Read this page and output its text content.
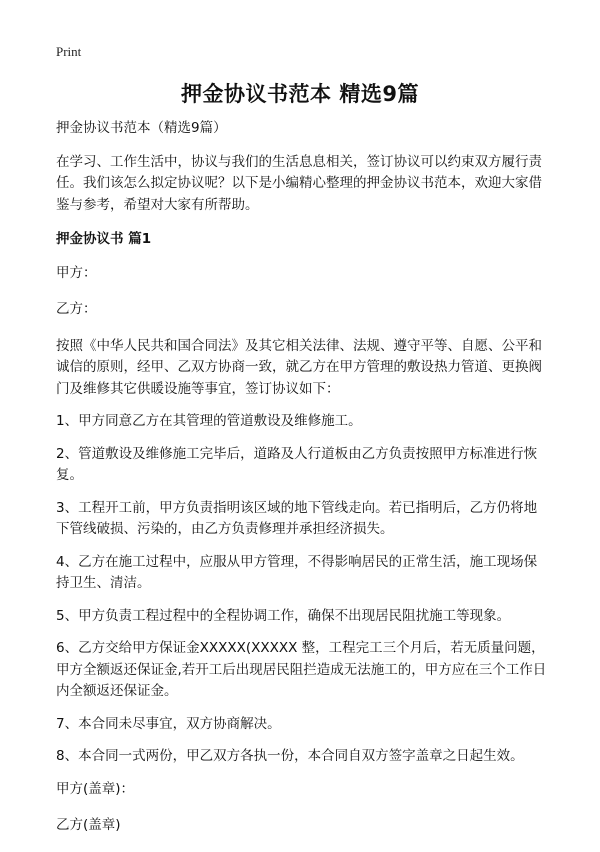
Print
押金协议书范本 精选9篇

押金协议书范本（精选9篇）

在学习、工作生活中，协议与我们的生活息息相关，签订协议可以约束双方履行责任。我们该怎么拟定协议呢？以下是小编精心整理的押金协议书范本，欢迎大家借鉴与参考，希望对大家有所帮助。

押金协议书 篇1

甲方：

乙方：

按照《中华人民共和国合同法》及其它相关法律、法规、遵守平等、自愿、公平和诚信的原则，经甲、乙双方协商一致，就乙方在甲方管理的敷设热力管道、更换阀门及维修其它供暖设施等事宜，签订协议如下：

1、甲方同意乙方在其管理的管道敷设及维修施工。

2、管道敷设及维修施工完毕后，道路及人行道板由乙方负责按照甲方标准进行恢复。

3、工程开工前，甲方负责指明该区域的地下管线走向。若已指明后，乙方仍将地下管线破损、污染的，由乙方负责修理并承担经济损失。

4、乙方在施工过程中，应服从甲方管理，不得影响居民的正常生活，施工现场保持卫生、清洁。

5、甲方负责工程过程中的全程协调工作，确保不出现居民阻扰施工等现象。

6、乙方交给甲方保证金XXXXX(XXXXX 整，工程完工三个月后，若无质量问题，甲方全额返还保证金,若开工后出现居民阻拦造成无法施工的，甲方应在三个工作日内全额返还保证金。

7、本合同未尽事宜，双方协商解决。

8、本合同一式两份，甲乙双方各执一份，本合同自双方签字盖章之日起生效。

甲方(盖章)：

乙方(盖章)
